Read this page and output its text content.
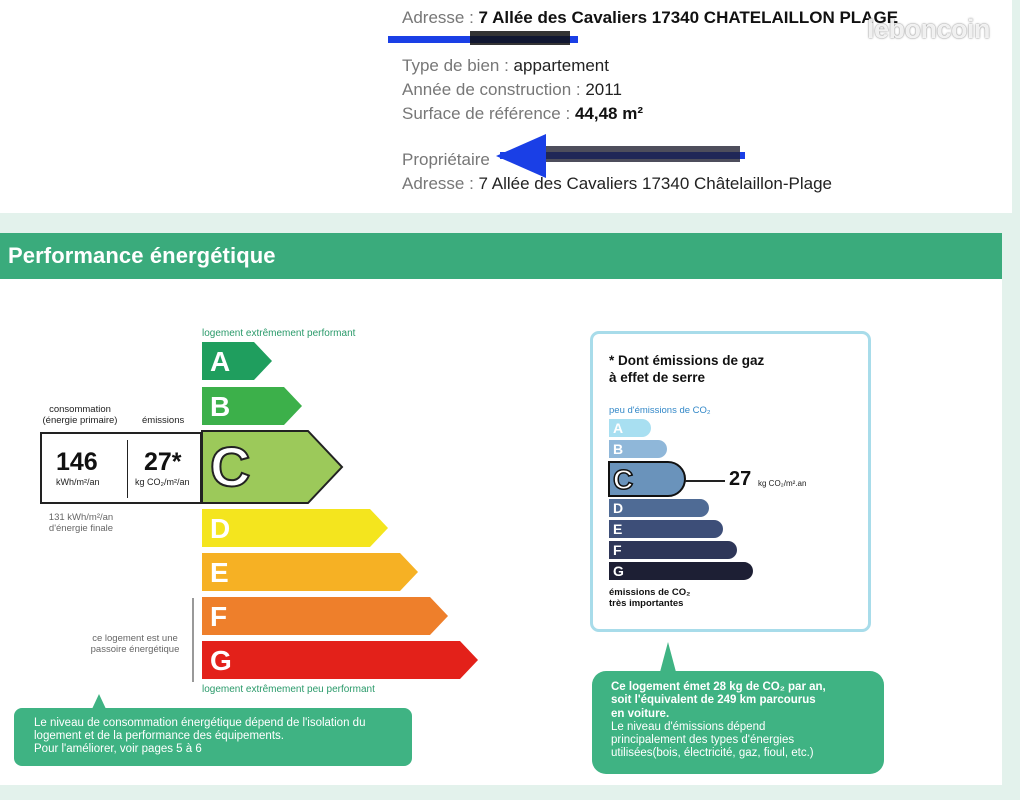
Adresse : 7 Allée des Cavaliers 17340 CHATELAILLON PLAGE
Type de bien : appartement
Année de construction : 2011
Surface de référence : 44,48 m²
Propriétaire
Adresse : 7 Allée des Cavaliers 17340 Châtelaillon-Plage
leboncoin
Performance énergétique
logement extrêmement performant
logement extrêmement peu performant
consommation
(énergie primaire)	émissions
146
kWh/m²/an
27*
kg CO₂/m²/an
131 kWh/m²/an
d'énergie finale
ce logement est une
passoire énergétique
A
B
C
D
E
F
G
Le niveau de consommation énergétique dépend de l'isolation du
logement et de la performance des équipements.
Pour l'améliorer, voir pages 5 à 6
* Dont émissions de gaz
à effet de serre
peu d'émissions de CO₂
A
B
C
D
E
F
G
27 kg CO₂/m².an
émissions de CO₂
très importantes
Ce logement émet 28 kg de CO₂ par an,
soit l'équivalent de 249 km parcourus
en voiture.
Le niveau d'émissions dépend
principalement des types d'énergies
utilisées(bois, électricité, gaz, fioul, etc.)
